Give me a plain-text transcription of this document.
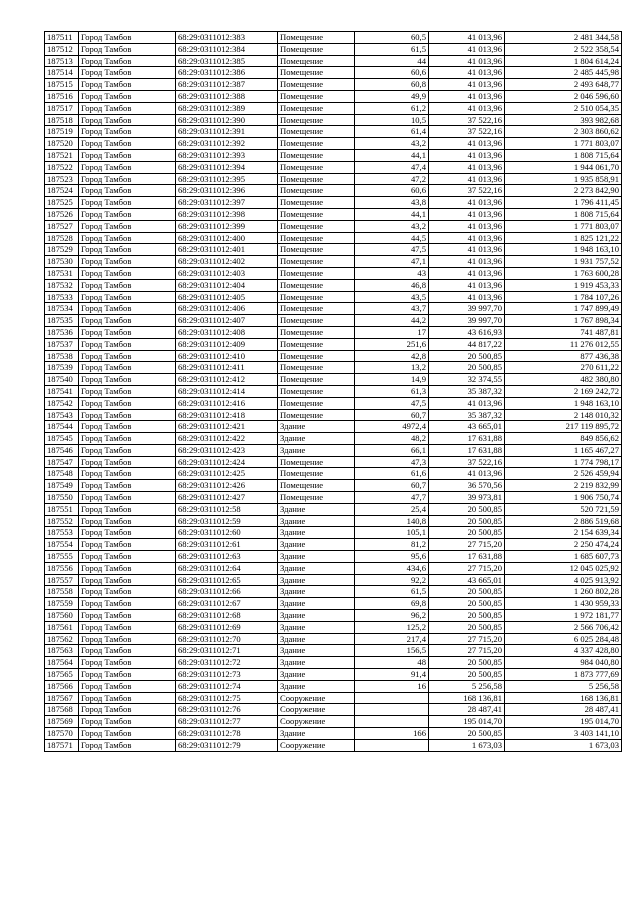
187511	Город Тамбов	68:29:0311012:383	Помещение	60,5	41 013,96	2 481 344,58
187512	Город Тамбов	68:29:0311012:384	Помещение	61,5	41 013,96	2 522 358,54
187513	Город Тамбов	68:29:0311012:385	Помещение	44	41 013,96	1 804 614,24
187514	Город Тамбов	68:29:0311012:386	Помещение	60,6	41 013,96	2 485 445,98
187515	Город Тамбов	68:29:0311012:387	Помещение	60,8	41 013,96	2 493 648,77
187516	Город Тамбов	68:29:0311012:388	Помещение	49,9	41 013,96	2 046 596,60
187517	Город Тамбов	68:29:0311012:389	Помещение	61,2	41 013,96	2 510 054,35
187518	Город Тамбов	68:29:0311012:390	Помещение	10,5	37 522,16	393 982,68
187519	Город Тамбов	68:29:0311012:391	Помещение	61,4	37 522,16	2 303 860,62
187520	Город Тамбов	68:29:0311012:392	Помещение	43,2	41 013,96	1 771 803,07
187521	Город Тамбов	68:29:0311012:393	Помещение	44,1	41 013,96	1 808 715,64
187522	Город Тамбов	68:29:0311012:394	Помещение	47,4	41 013,96	1 944 061,70
187523	Город Тамбов	68:29:0311012:395	Помещение	47,2	41 013,96	1 935 858,91
187524	Город Тамбов	68:29:0311012:396	Помещение	60,6	37 522,16	2 273 842,90
187525	Город Тамбов	68:29:0311012:397	Помещение	43,8	41 013,96	1 796 411,45
187526	Город Тамбов	68:29:0311012:398	Помещение	44,1	41 013,96	1 808 715,64
187527	Город Тамбов	68:29:0311012:399	Помещение	43,2	41 013,96	1 771 803,07
187528	Город Тамбов	68:29:0311012:400	Помещение	44,5	41 013,96	1 825 121,22
187529	Город Тамбов	68:29:0311012:401	Помещение	47,5	41 013,96	1 948 163,10
187530	Город Тамбов	68:29:0311012:402	Помещение	47,1	41 013,96	1 931 757,52
187531	Город Тамбов	68:29:0311012:403	Помещение	43	41 013,96	1 763 600,28
187532	Город Тамбов	68:29:0311012:404	Помещение	46,8	41 013,96	1 919 453,33
187533	Город Тамбов	68:29:0311012:405	Помещение	43,5	41 013,96	1 784 107,26
187534	Город Тамбов	68:29:0311012:406	Помещение	43,7	39 997,70	1 747 899,49
187535	Город Тамбов	68:29:0311012:407	Помещение	44,2	39 997,70	1 767 898,34
187536	Город Тамбов	68:29:0311012:408	Помещение	17	43 616,93	741 487,81
187537	Город Тамбов	68:29:0311012:409	Помещение	251,6	44 817,22	11 276 012,55
187538	Город Тамбов	68:29:0311012:410	Помещение	42,8	20 500,85	877 436,38
187539	Город Тамбов	68:29:0311012:411	Помещение	13,2	20 500,85	270 611,22
187540	Город Тамбов	68:29:0311012:412	Помещение	14,9	32 374,55	482 380,80
187541	Город Тамбов	68:29:0311012:414	Помещение	61,3	35 387,32	2 169 242,72
187542	Город Тамбов	68:29:0311012:416	Помещение	47,5	41 013,96	1 948 163,10
187543	Город Тамбов	68:29:0311012:418	Помещение	60,7	35 387,32	2 148 010,32
187544	Город Тамбов	68:29:0311012:421	Здание	4972,4	43 665,01	217 119 895,72
187545	Город Тамбов	68:29:0311012:422	Здание	48,2	17 631,88	849 856,62
187546	Город Тамбов	68:29:0311012:423	Здание	66,1	17 631,88	1 165 467,27
187547	Город Тамбов	68:29:0311012:424	Помещение	47,3	37 522,16	1 774 798,17
187548	Город Тамбов	68:29:0311012:425	Помещение	61,6	41 013,96	2 526 459,94
187549	Город Тамбов	68:29:0311012:426	Помещение	60,7	36 570,56	2 219 832,99
187550	Город Тамбов	68:29:0311012:427	Помещение	47,7	39 973,81	1 906 750,74
187551	Город Тамбов	68:29:0311012:58	Здание	25,4	20 500,85	520 721,59
187552	Город Тамбов	68:29:0311012:59	Здание	140,8	20 500,85	2 886 519,68
187553	Город Тамбов	68:29:0311012:60	Здание	105,1	20 500,85	2 154 639,34
187554	Город Тамбов	68:29:0311012:61	Здание	81,2	27 715,20	2 250 474,24
187555	Город Тамбов	68:29:0311012:63	Здание	95,6	17 631,88	1 685 607,73
187556	Город Тамбов	68:29:0311012:64	Здание	434,6	27 715,20	12 045 025,92
187557	Город Тамбов	68:29:0311012:65	Здание	92,2	43 665,01	4 025 913,92
187558	Город Тамбов	68:29:0311012:66	Здание	61,5	20 500,85	1 260 802,28
187559	Город Тамбов	68:29:0311012:67	Здание	69,8	20 500,85	1 430 959,33
187560	Город Тамбов	68:29:0311012:68	Здание	96,2	20 500,85	1 972 181,77
187561	Город Тамбов	68:29:0311012:69	Здание	125,2	20 500,85	2 566 706,42
187562	Город Тамбов	68:29:0311012:70	Здание	217,4	27 715,20	6 025 284,48
187563	Город Тамбов	68:29:0311012:71	Здание	156,5	27 715,20	4 337 428,80
187564	Город Тамбов	68:29:0311012:72	Здание	48	20 500,85	984 040,80
187565	Город Тамбов	68:29:0311012:73	Здание	91,4	20 500,85	1 873 777,69
187566	Город Тамбов	68:29:0311012:74	Здание	16	5 256,58	5 256,58
187567	Город Тамбов	68:29:0311012:75	Сооружение		168 136,81	168 136,81
187568	Город Тамбов	68:29:0311012:76	Сооружение		28 487,41	28 487,41
187569	Город Тамбов	68:29:0311012:77	Сооружение		195 014,70	195 014,70
187570	Город Тамбов	68:29:0311012:78	Здание	166	20 500,85	3 403 141,10
187571	Город Тамбов	68:29:0311012:79	Сооружение		1 673,03	1 673,03
